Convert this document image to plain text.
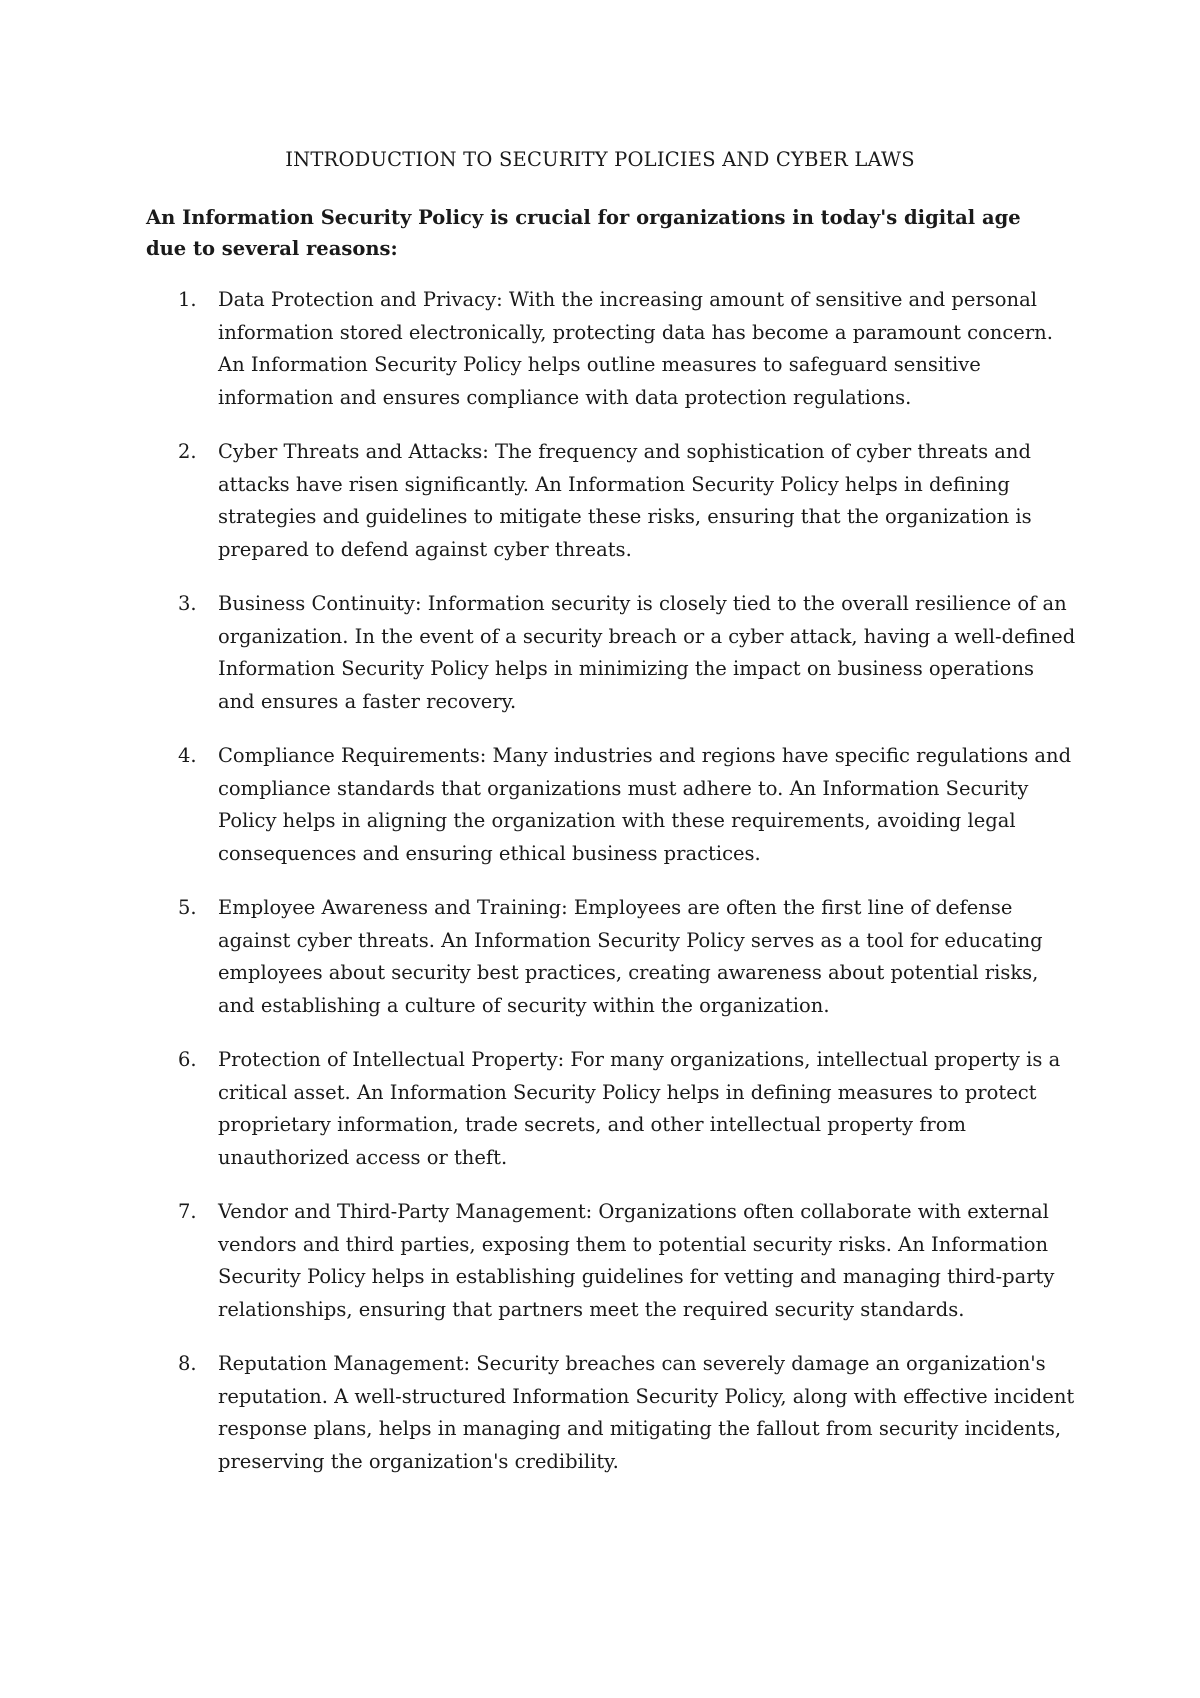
INTRODUCTION TO SECURITY POLICIES AND CYBER LAWS

An Information Security Policy is crucial for organizations in today's digital age due to several reasons:

1. Data Protection and Privacy: With the increasing amount of sensitive and personal information stored electronically, protecting data has become a paramount concern. An Information Security Policy helps outline measures to safeguard sensitive information and ensures compliance with data protection regulations.
2. Cyber Threats and Attacks: The frequency and sophistication of cyber threats and attacks have risen significantly. An Information Security Policy helps in defining strategies and guidelines to mitigate these risks, ensuring that the organization is prepared to defend against cyber threats.
3. Business Continuity: Information security is closely tied to the overall resilience of an organization. In the event of a security breach or a cyber attack, having a well-defined Information Security Policy helps in minimizing the impact on business operations and ensures a faster recovery.
4. Compliance Requirements: Many industries and regions have specific regulations and compliance standards that organizations must adhere to. An Information Security Policy helps in aligning the organization with these requirements, avoiding legal consequences and ensuring ethical business practices.
5. Employee Awareness and Training: Employees are often the first line of defense against cyber threats. An Information Security Policy serves as a tool for educating employees about security best practices, creating awareness about potential risks, and establishing a culture of security within the organization.
6. Protection of Intellectual Property: For many organizations, intellectual property is a critical asset. An Information Security Policy helps in defining measures to protect proprietary information, trade secrets, and other intellectual property from unauthorized access or theft.
7. Vendor and Third-Party Management: Organizations often collaborate with external vendors and third parties, exposing them to potential security risks. An Information Security Policy helps in establishing guidelines for vetting and managing third-party relationships, ensuring that partners meet the required security standards.
8. Reputation Management: Security breaches can severely damage an organization's reputation. A well-structured Information Security Policy, along with effective incident response plans, helps in managing and mitigating the fallout from security incidents, preserving the organization's credibility.
